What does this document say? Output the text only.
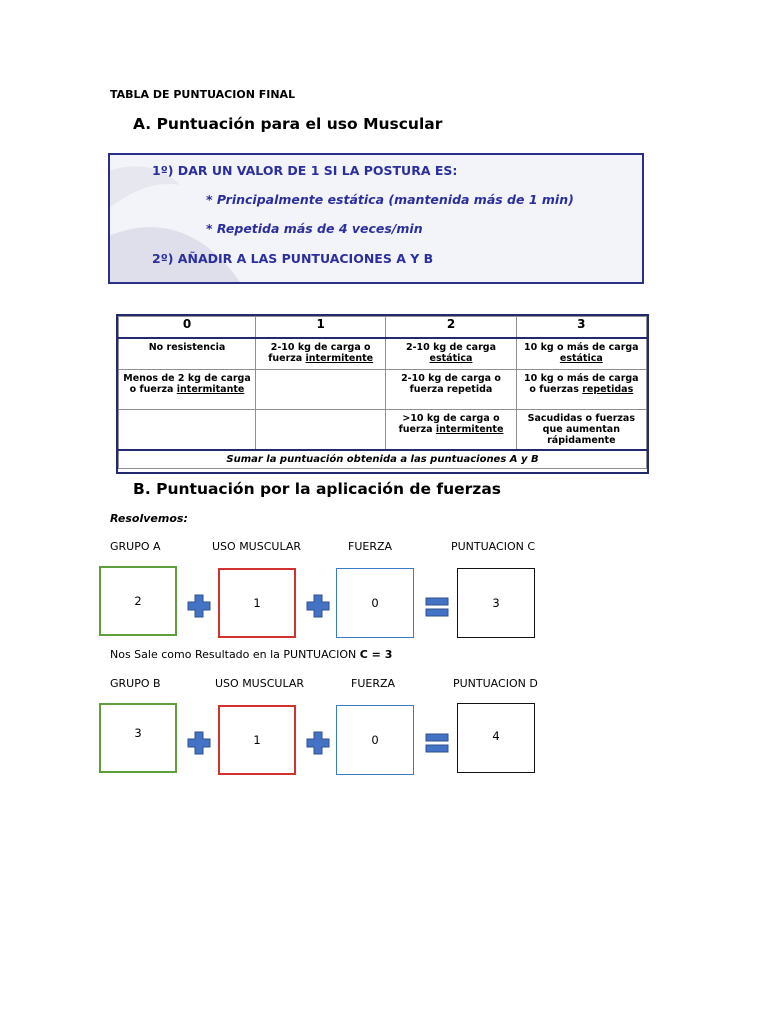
TABLA DE PUNTUACION FINAL
A. Puntuación para el uso Muscular
1º) DAR UN VALOR DE 1 SI LA POSTURA ES:
* Principalmente estática (mantenida más de 1 min)
* Repetida más de 4 veces/min
2º) AÑADIR A LAS PUNTUACIONES A Y B
0	1	2	3
No resistencia	2-10 kg de carga o fuerza intermitente	2-10 kg de carga estática	10 kg o más de carga estática
Menos de 2 kg de carga o fuerza intermitante		2-10 kg de carga o fuerza repetida	10 kg o más de carga o fuerzas repetidas
		>10 kg de carga o fuerza intermitente	Sacudidas o fuerzas que aumentan rápidamente
Sumar la puntuación obtenida a las puntuaciones A y B			
B. Puntuación por la aplicación de fuerzas
Resolvemos:
GRUPO A	USO MUSCULAR	FUERZA	PUNTUACION C
2	1	0	3
Nos Sale como Resultado en la PUNTUACION C = 3
GRUPO B	USO MUSCULAR	FUERZA	PUNTUACION D
3	1	0	4
